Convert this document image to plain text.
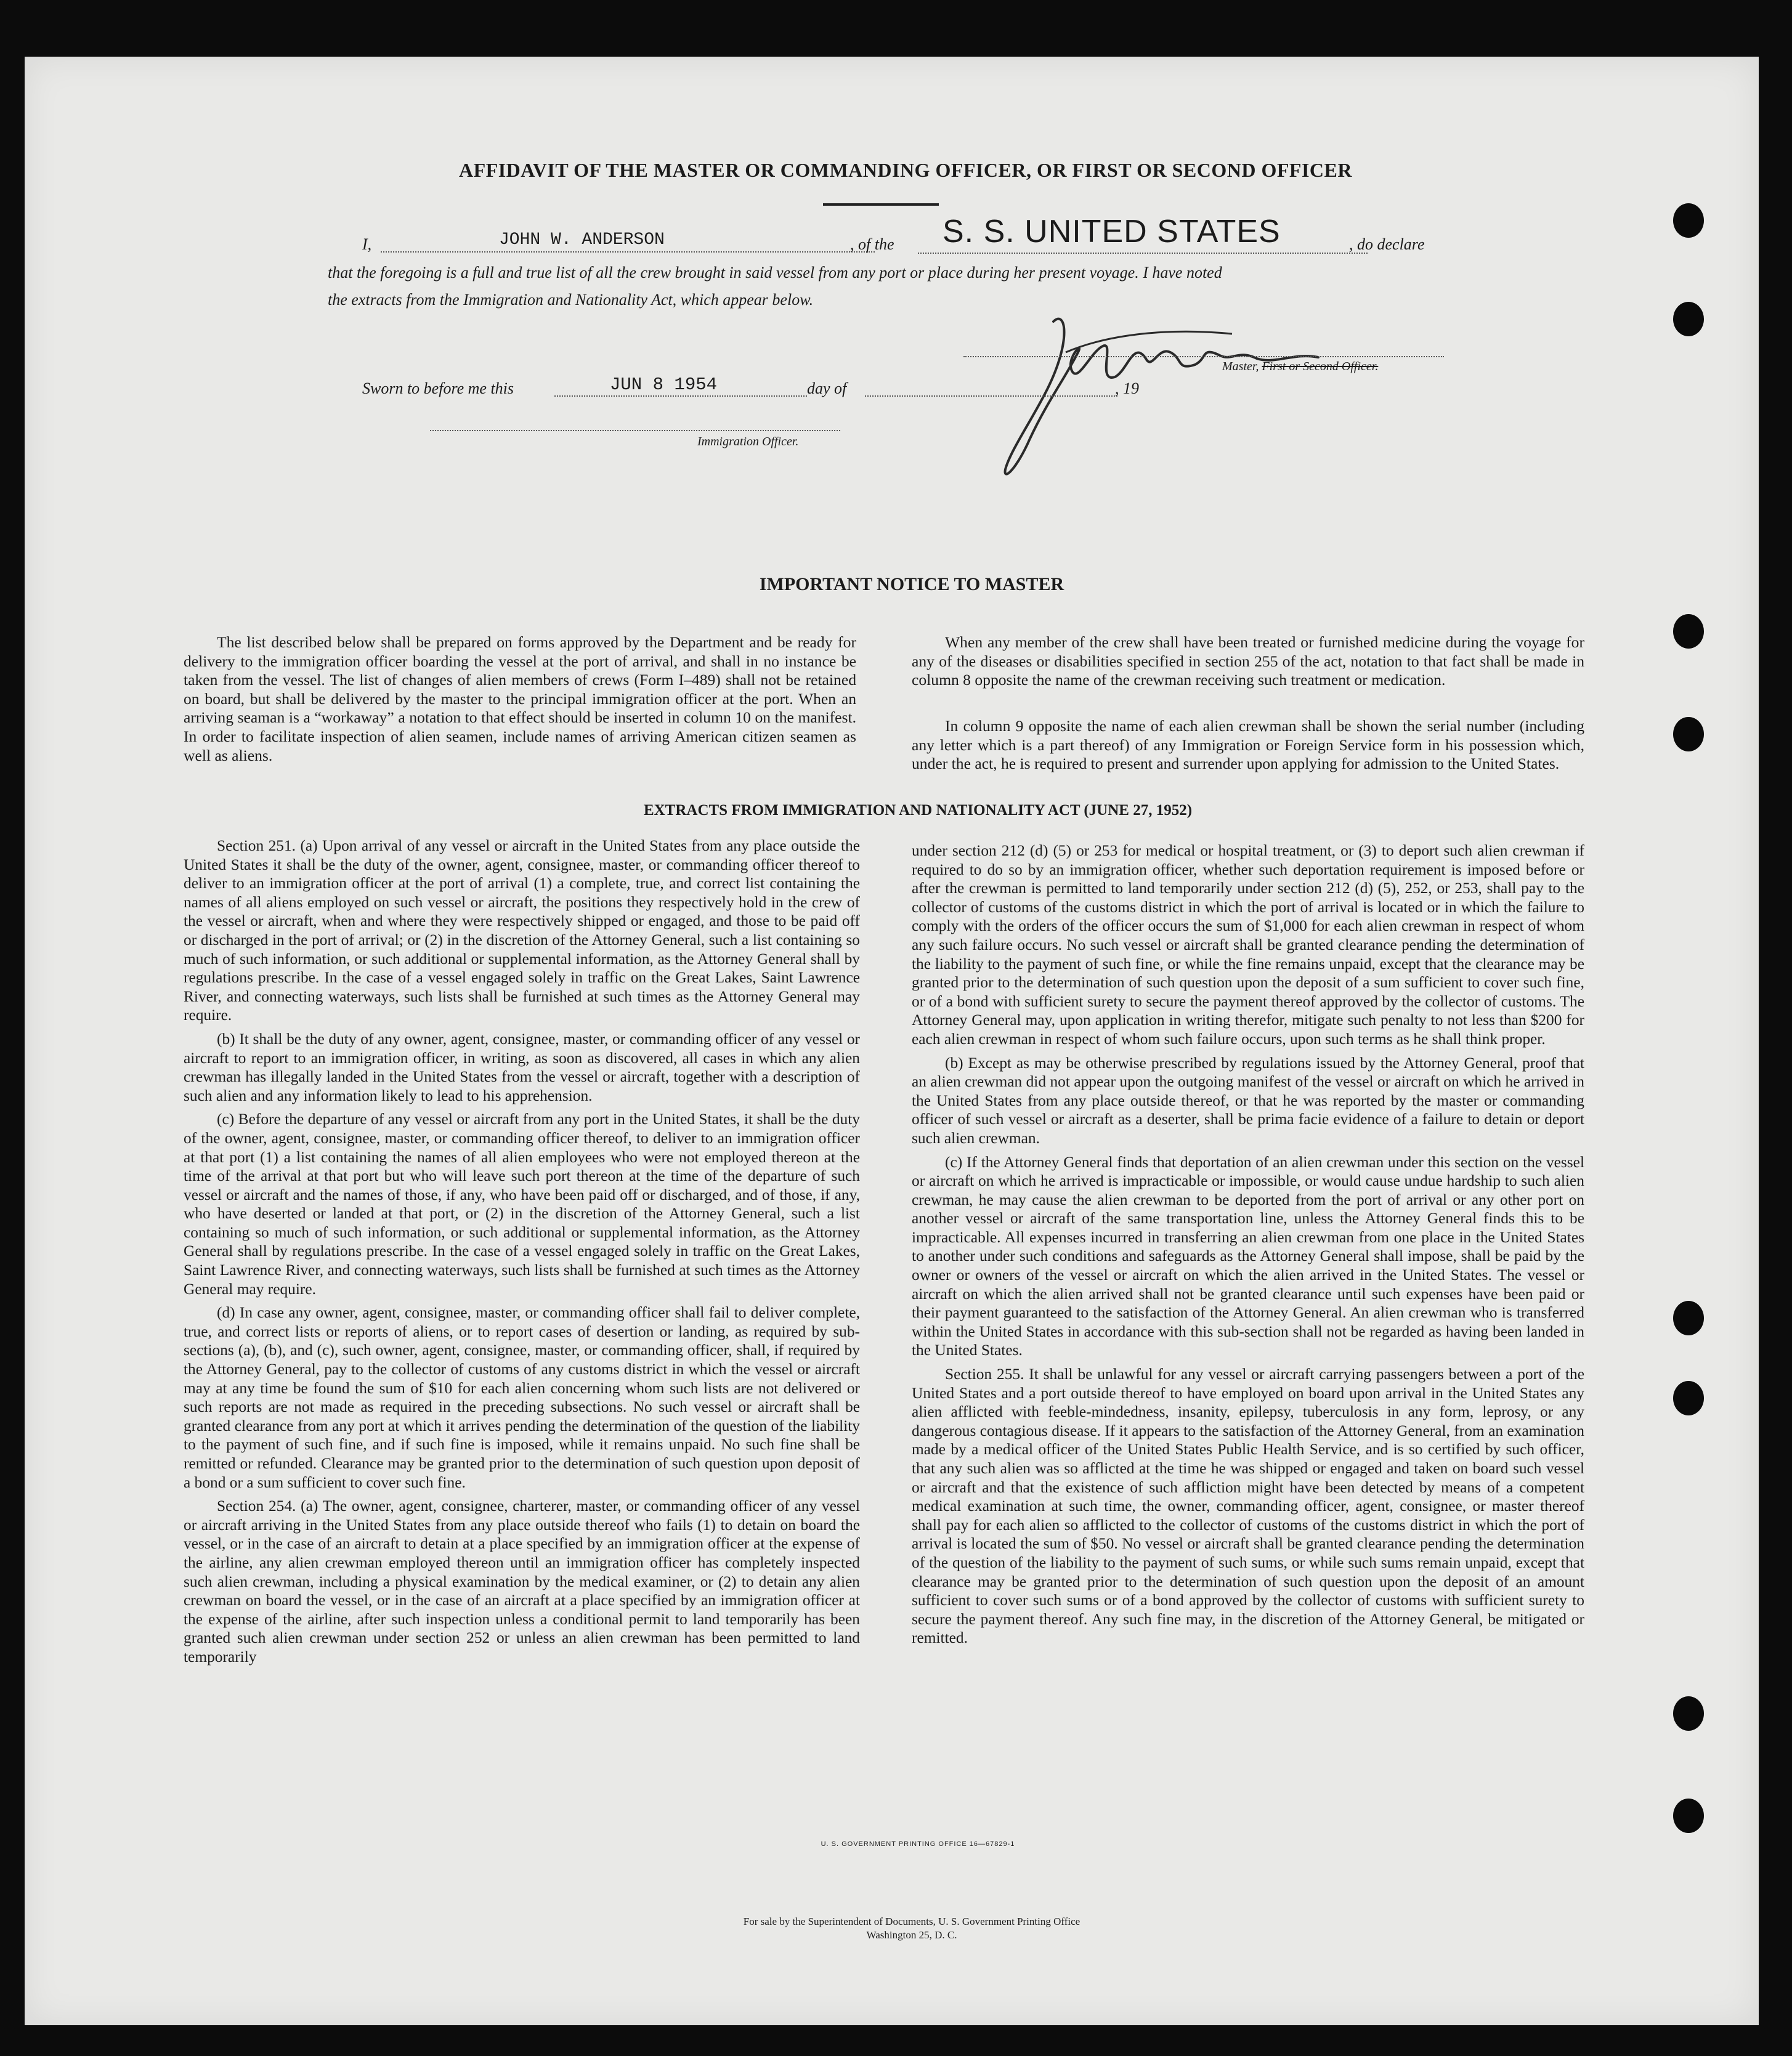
AFFIDAVIT OF THE MASTER OR COMMANDING OFFICER, OR FIRST OR SECOND OFFICER
I,	JOHN W. ANDERSON	, of the S. S. UNITED STATES	, do declare
that the foregoing is a full and true list of all the crew brought in said vessel from any port or place during her present voyage. I have noted
the extracts from the Immigration and Nationality Act, which appear below.
Master, First or Second Officer.
Sworn to before me this	JUN 8 1954	day of	, 19
Immigration Officer.
IMPORTANT NOTICE TO MASTER

The list described below shall be prepared on forms approved by the Department and be ready for delivery to the immigration officer boarding the vessel at the port of arrival, and shall in no instance be taken from the vessel. The list of changes of alien members of crews (Form I–489) shall not be retained on board, but shall be delivered by the master to the principal immigration officer at the port. When an arriving seaman is a “workaway” a notation to that effect should be inserted in column 10 on the manifest. In order to facilitate inspection of alien seamen, include names of arriving American citizen seamen as well as aliens.

When any member of the crew shall have been treated or furnished medicine during the voyage for any of the diseases or disabilities specified in section 255 of the act, notation to that fact shall be made in column 8 opposite the name of the crewman receiving such treatment or medication.

In column 9 opposite the name of each alien crewman shall be shown the serial number (including any letter which is a part thereof) of any Immigration or Foreign Service form in his possession which, under the act, he is required to present and surrender upon applying for admission to the United States.

EXTRACTS FROM IMMIGRATION AND NATIONALITY ACT (JUNE 27, 1952)

Section 251. (a) Upon arrival of any vessel or aircraft in the United States from any place outside the United States it shall be the duty of the owner, agent, consignee, master, or commanding officer thereof to deliver to an immigration officer at the port of arrival (1) a complete, true, and correct list containing the names of all aliens employed on such vessel or aircraft, the positions they respectively hold in the crew of the vessel or aircraft, when and where they were respectively shipped or engaged, and those to be paid off or discharged in the port of arrival; or (2) in the discretion of the Attorney General, such a list containing so much of such information, or such additional or supplemental information, as the Attorney General shall by regulations prescribe. In the case of a vessel engaged solely in traffic on the Great Lakes, Saint Lawrence River, and connecting waterways, such lists shall be furnished at such times as the Attorney General may require.

(b) It shall be the duty of any owner, agent, consignee, master, or commanding officer of any vessel or aircraft to report to an immigration officer, in writing, as soon as discovered, all cases in which any alien crewman has illegally landed in the United States from the vessel or aircraft, together with a description of such alien and any information likely to lead to his apprehension.

(c) Before the departure of any vessel or aircraft from any port in the United States, it shall be the duty of the owner, agent, consignee, master, or commanding officer thereof, to deliver to an immigration officer at that port (1) a list containing the names of all alien employees who were not employed thereon at the time of the arrival at that port but who will leave such port thereon at the time of the departure of such vessel or aircraft and the names of those, if any, who have been paid off or discharged, and of those, if any, who have deserted or landed at that port, or (2) in the discretion of the Attorney General, such a list containing so much of such information, or such additional or supplemental information, as the Attorney General shall by regulations prescribe. In the case of a vessel engaged solely in traffic on the Great Lakes, Saint Lawrence River, and connecting waterways, such lists shall be furnished at such times as the Attorney General may require.

(d) In case any owner, agent, consignee, master, or commanding officer shall fail to deliver complete, true, and correct lists or reports of aliens, or to report cases of desertion or landing, as required by sub-sections (a), (b), and (c), such owner, agent, consignee, master, or commanding officer, shall, if required by the Attorney General, pay to the collector of customs of any customs district in which the vessel or aircraft may at any time be found the sum of $10 for each alien concerning whom such lists are not delivered or such reports are not made as required in the preceding subsections. No such vessel or aircraft shall be granted clearance from any port at which it arrives pending the determination of the question of the liability to the payment of such fine, and if such fine is imposed, while it remains unpaid. No such fine shall be remitted or refunded. Clearance may be granted prior to the determination of such question upon deposit of a bond or a sum sufficient to cover such fine.

Section 254. (a) The owner, agent, consignee, charterer, master, or commanding officer of any vessel or aircraft arriving in the United States from any place outside thereof who fails (1) to detain on board the vessel, or in the case of an aircraft to detain at a place specified by an immigration officer at the expense of the airline, any alien crewman employed thereon until an immigration officer has completely inspected such alien crewman, including a physical examination by the medical examiner, or (2) to detain any alien crewman on board the vessel, or in the case of an aircraft at a place specified by an immigration officer at the expense of the airline, after such inspection unless a conditional permit to land temporarily has been granted such alien crewman under section 252 or unless an alien crewman has been permitted to land temporarily

under section 212 (d) (5) or 253 for medical or hospital treatment, or (3) to deport such alien crewman if required to do so by an immigration officer, whether such deportation requirement is imposed before or after the crewman is permitted to land temporarily under section 212 (d) (5), 252, or 253, shall pay to the collector of customs of the customs district in which the port of arrival is located or in which the failure to comply with the orders of the officer occurs the sum of $1,000 for each alien crewman in respect of whom any such failure occurs. No such vessel or aircraft shall be granted clearance pending the determination of the liability to the payment of such fine, or while the fine remains unpaid, except that the clearance may be granted prior to the determination of such question upon the deposit of a sum sufficient to cover such fine, or of a bond with sufficient surety to secure the payment thereof approved by the collector of customs. The Attorney General may, upon application in writing therefor, mitigate such penalty to not less than $200 for each alien crewman in respect of whom such failure occurs, upon such terms as he shall think proper.

(b) Except as may be otherwise prescribed by regulations issued by the Attorney General, proof that an alien crewman did not appear upon the outgoing manifest of the vessel or aircraft on which he arrived in the United States from any place outside thereof, or that he was reported by the master or commanding officer of such vessel or aircraft as a deserter, shall be prima facie evidence of a failure to detain or deport such alien crewman.

(c) If the Attorney General finds that deportation of an alien crewman under this section on the vessel or aircraft on which he arrived is impracticable or impossible, or would cause undue hardship to such alien crewman, he may cause the alien crewman to be deported from the port of arrival or any other port on another vessel or aircraft of the same transportation line, unless the Attorney General finds this to be impracticable. All expenses incurred in transferring an alien crewman from one place in the United States to another under such conditions and safeguards as the Attorney General shall impose, shall be paid by the owner or owners of the vessel or aircraft on which the alien arrived in the United States. The vessel or aircraft on which the alien arrived shall not be granted clearance until such expenses have been paid or their payment guaranteed to the satisfaction of the Attorney General. An alien crewman who is transferred within the United States in accordance with this sub-section shall not be regarded as having been landed in the United States.

Section 255. It shall be unlawful for any vessel or aircraft carrying passengers between a port of the United States and a port outside thereof to have employed on board upon arrival in the United States any alien afflicted with feeble-mindedness, insanity, epilepsy, tuberculosis in any form, leprosy, or any dangerous contagious disease. If it appears to the satisfaction of the Attorney General, from an examination made by a medical officer of the United States Public Health Service, and is so certified by such officer, that any such alien was so afflicted at the time he was shipped or engaged and taken on board such vessel or aircraft and that the existence of such affliction might have been detected by means of a competent medical examination at such time, the owner, commanding officer, agent, consignee, or master thereof shall pay for each alien so afflicted to the collector of customs of the customs district in which the port of arrival is located the sum of $50. No vessel or aircraft shall be granted clearance pending the determination of the question of the liability to the payment of such sums, or while such sums remain unpaid, except that clearance may be granted prior to the determination of such question upon the deposit of an amount sufficient to cover such sums or of a bond approved by the collector of customs with sufficient surety to secure the payment thereof. Any such fine may, in the discretion of the Attorney General, be mitigated or remitted.

U. S. GOVERNMENT PRINTING OFFICE 16—67829-1
For sale by the Superintendent of Documents, U. S. Government Printing Office
Washington 25, D. C.
